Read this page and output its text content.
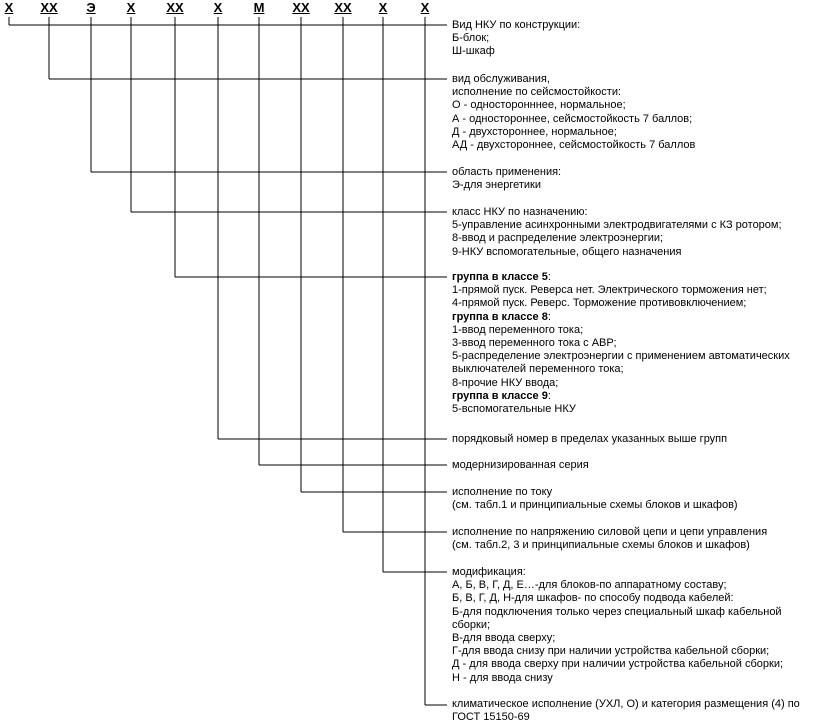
Х ХХ Э Х ХХ Х М ХХ ХХ Х	Х
Вид НКУ по конструкции:
Б-блок;
Ш-шкаф
вид обслуживания,
исполнение по сейсмостойкости:
О - односторонннее, нормальное;
А - одностороннее, сейсмостойкость 7 баллов;
Д - двухстороннее, нормальное;
АД - двухстороннее, сейсмостойкость 7 баллов
область применения:
Э-для энергетики
класс НКУ по назначению:
5-управление асинхронными электродвигателями с КЗ ротором;
8-ввод и распределение электроэнергии;
9-НКУ вспомогательные, общего назначения
группа в классе 5:
1-прямой пуск. Реверса нет. Электрического торможения нет;
4-прямой пуск. Реверс. Торможение противовключением;
группа в классе 8:
1-ввод переменного тока;
3-ввод переменного тока с АВР;
5-распределение электроэнергии с применением автоматических
выключателей переменного тока;
8-прочие НКУ ввода;
группа в классе 9:
5-вспомогательные НКУ
порядковый номер в пределах указанных выше групп
модернизированная серия
исполнение по току
(см. табл.1 и принципиальные схемы блоков и шкафов)
исполнение по напряжению силовой цепи и цепи управления
(см. табл.2, 3 и принципиальные схемы блоков и шкафов)
модификация:
А, Б, В, Г, Д, Е…-для блоков-по аппаратному составу;
Б, В, Г, Д, Н-для шкафов- по способу подвода кабелей:
Б-для подключения только через специальный шкаф кабельной
сборки;
В-для ввода сверху;
Г-для ввода снизу при наличии устройства кабельной сборки;
Д - для ввода сверху при наличии устройства кабельной сборки;
Н - для ввода снизу
климатическое исполнение (УХЛ, О) и категория размещения (4) по
ГОСТ 15150-69
